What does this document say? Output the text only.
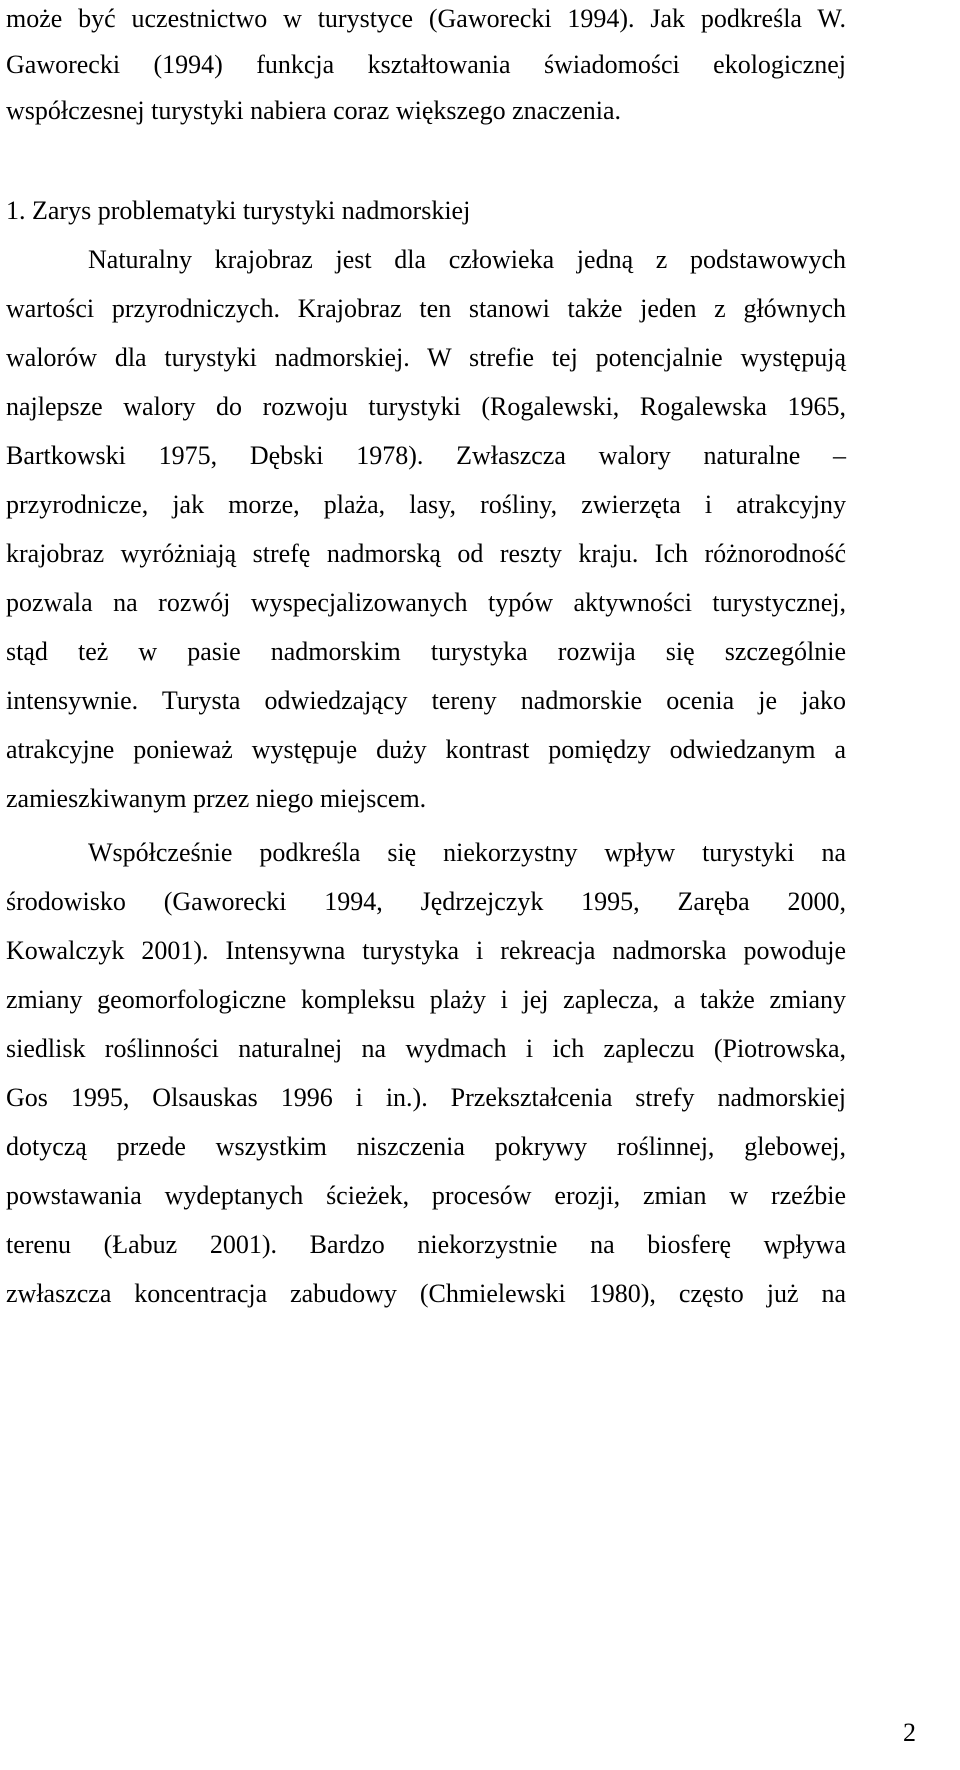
może być uczestnictwo w turystyce (Gaworecki 1994). Jak podkreśla W.
Gaworecki (1994) funkcja kształtowania świadomości ekologicznej
współczesnej turystyki nabiera coraz większego znaczenia.
1. Zarys problematyki turystyki nadmorskiej
Naturalny krajobraz jest dla człowieka jedną z podstawowych
wartości przyrodniczych. Krajobraz ten stanowi także jeden z głównych
walorów dla turystyki nadmorskiej. W strefie tej potencjalnie występują
najlepsze walory do rozwoju turystyki (Rogalewski, Rogalewska 1965,
Bartkowski 1975, Dębski 1978). Zwłaszcza walory naturalne –
przyrodnicze, jak morze, plaża, lasy, rośliny, zwierzęta i atrakcyjny
krajobraz wyróżniają strefę nadmorską od reszty kraju. Ich różnorodność
pozwala na rozwój wyspecjalizowanych typów aktywności turystycznej,
stąd też w pasie nadmorskim turystyka rozwija się szczególnie
intensywnie. Turysta odwiedzający tereny nadmorskie ocenia je jako
atrakcyjne ponieważ występuje duży kontrast pomiędzy odwiedzanym a
zamieszkiwanym przez niego miejscem.
Współcześnie podkreśla się niekorzystny wpływ turystyki na
środowisko (Gaworecki 1994, Jędrzejczyk 1995, Zaręba 2000,
Kowalczyk 2001). Intensywna turystyka i rekreacja nadmorska powoduje
zmiany geomorfologiczne kompleksu plaży i jej zaplecza, a także zmiany
siedlisk roślinności naturalnej na wydmach i ich zapleczu (Piotrowska,
Gos 1995, Olsauskas 1996 i in.). Przekształcenia strefy nadmorskiej
dotyczą przede wszystkim niszczenia pokrywy roślinnej, glebowej,
powstawania wydeptanych ścieżek, procesów erozji, zmian w rzeźbie
terenu (Łabuz 2001). Bardzo niekorzystnie na biosferę wpływa
zwłaszcza koncentracja zabudowy (Chmielewski 1980), często już na
2
